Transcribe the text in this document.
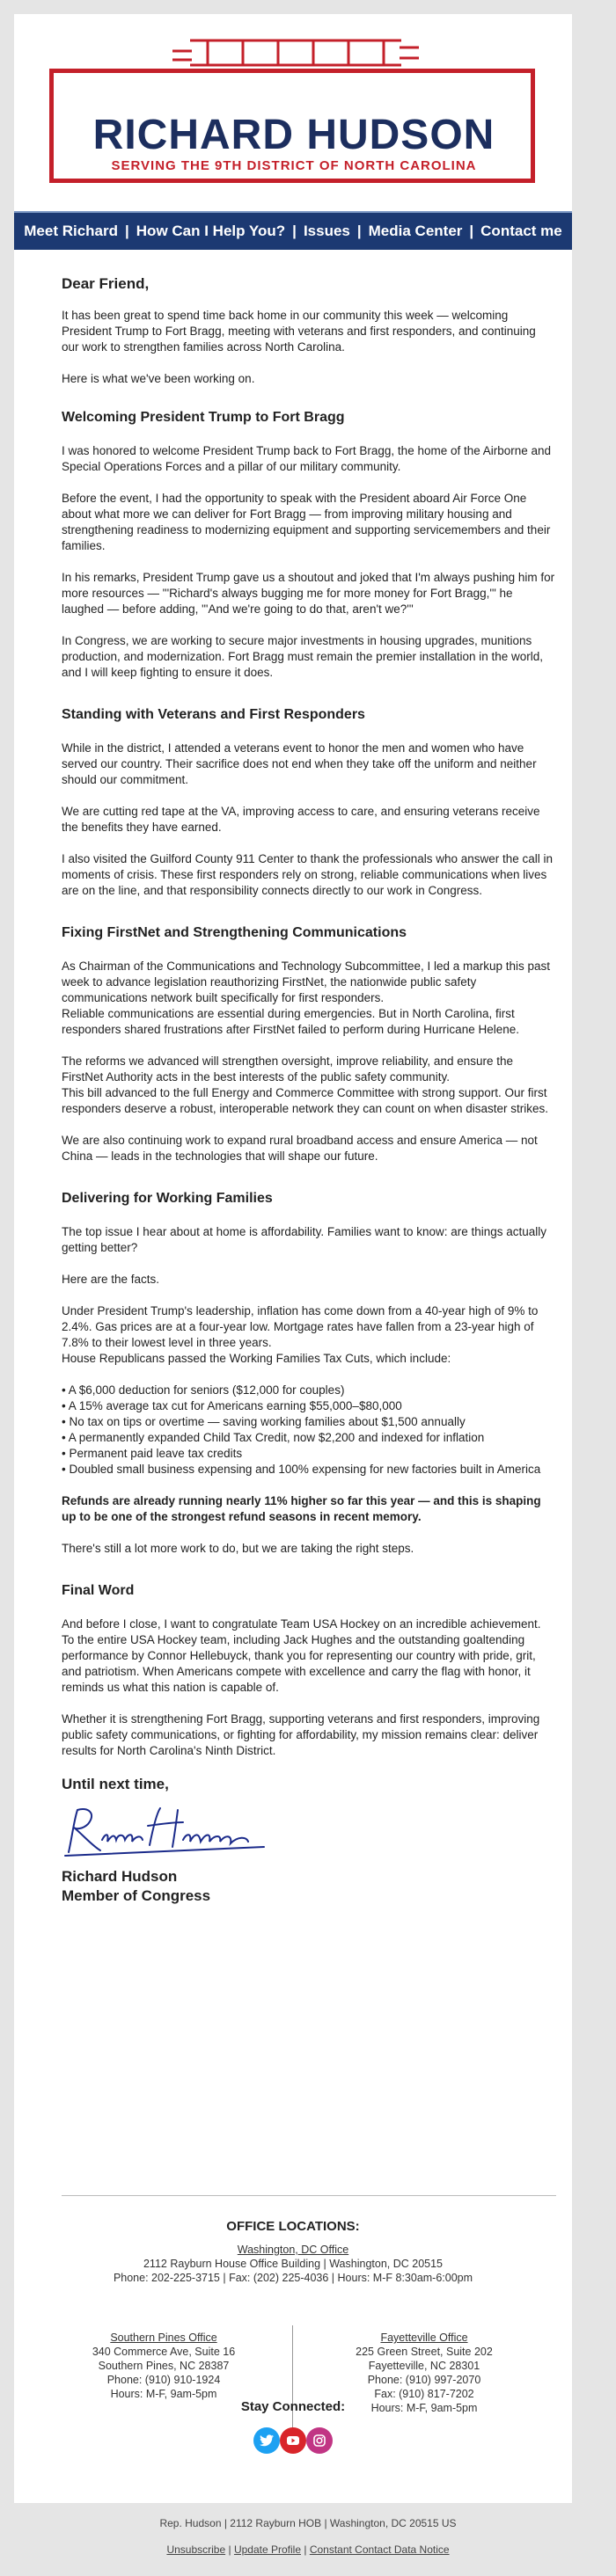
RICHARD HUDSON
SERVING THE 9TH DISTRICT OF NORTH CAROLINA
Meet Richard | How Can I Help You? | Issues | Media Center | Contact me
Dear Friend,

It has been great to spend time back home in our community this week — welcoming President Trump to Fort Bragg, meeting with veterans and first responders, and continuing our work to strengthen families across North Carolina.

Here is what we've been working on.

Welcoming President Trump to Fort Bragg

I was honored to welcome President Trump back to Fort Bragg, the home of the Airborne and Special Operations Forces and a pillar of our military community.

Before the event, I had the opportunity to speak with the President aboard Air Force One about what more we can deliver for Fort Bragg — from improving military housing and strengthening readiness to modernizing equipment and supporting servicemembers and their families.

In his remarks, President Trump gave us a shoutout and joked that I'm always pushing him for more resources — "'Richard's always bugging me for more money for Fort Bragg,'" he laughed — before adding, "'And we're going to do that, aren't we?'"

In Congress, we are working to secure major investments in housing upgrades, munitions production, and modernization. Fort Bragg must remain the premier installation in the world, and I will keep fighting to ensure it does.

Standing with Veterans and First Responders

While in the district, I attended a veterans event to honor the men and women who have served our country. Their sacrifice does not end when they take off the uniform and neither should our commitment.

We are cutting red tape at the VA, improving access to care, and ensuring veterans receive the benefits they have earned.

I also visited the Guilford County 911 Center to thank the professionals who answer the call in moments of crisis. These first responders rely on strong, reliable communications when lives are on the line, and that responsibility connects directly to our work in Congress.

Fixing FirstNet and Strengthening Communications

As Chairman of the Communications and Technology Subcommittee, I led a markup this past week to advance legislation reauthorizing FirstNet, the nationwide public safety communications network built specifically for first responders.
Reliable communications are essential during emergencies. But in North Carolina, first responders shared frustrations after FirstNet failed to perform during Hurricane Helene.

The reforms we advanced will strengthen oversight, improve reliability, and ensure the FirstNet Authority acts in the best interests of the public safety community.
This bill advanced to the full Energy and Commerce Committee with strong support. Our first responders deserve a robust, interoperable network they can count on when disaster strikes.

We are also continuing work to expand rural broadband access and ensure America — not China — leads in the technologies that will shape our future.

Delivering for Working Families

The top issue I hear about at home is affordability. Families want to know: are things actually getting better?

Here are the facts.

Under President Trump's leadership, inflation has come down from a 40-year high of 9% to 2.4%. Gas prices are at a four-year low. Mortgage rates have fallen from a 23-year high of 7.8% to their lowest level in three years.
House Republicans passed the Working Families Tax Cuts, which include:

• A $6,000 deduction for seniors ($12,000 for couples)
• A 15% average tax cut for Americans earning $55,000–$80,000
• No tax on tips or overtime — saving working families about $1,500 annually
• A permanently expanded Child Tax Credit, now $2,200 and indexed for inflation
• Permanent paid leave tax credits
• Doubled small business expensing and 100% expensing for new factories built in America

Refunds are already running nearly 11% higher so far this year — and this is shaping up to be one of the strongest refund seasons in recent memory.

There's still a lot more work to do, but we are taking the right steps.

Final Word

And before I close, I want to congratulate Team USA Hockey on an incredible achievement. To the entire USA Hockey team, including Jack Hughes and the outstanding goaltending performance by Connor Hellebuyck, thank you for representing our country with pride, grit, and patriotism. When Americans compete with excellence and carry the flag with honor, it reminds us what this nation is capable of.

Whether it is strengthening Fort Bragg, supporting veterans and first responders, improving public safety communications, or fighting for affordability, my mission remains clear: deliver results for North Carolina's Ninth District.

Until next time,
Richard Hudson
Member of Congress
OFFICE LOCATIONS:
Washington, DC Office
2112 Rayburn House Office Building | Washington, DC 20515
Phone: 202-225-3715 | Fax: (202) 225-4036 | Hours: M-F 8:30am-6:00pm
Southern Pines Office
340 Commerce Ave, Suite 16
Southern Pines, NC 28387
Phone: (910) 910-1924
Hours: M-F, 9am-5pm
Fayetteville Office
225 Green Street, Suite 202
Fayetteville, NC 28301
Phone: (910) 997-2070
Fax: (910) 817-7202
Hours: M-F, 9am-5pm
Stay Connected:
Rep. Hudson | 2112 Rayburn HOB | Washington, DC 20515 US
Unsubscribe | Update Profile | Constant Contact Data Notice
